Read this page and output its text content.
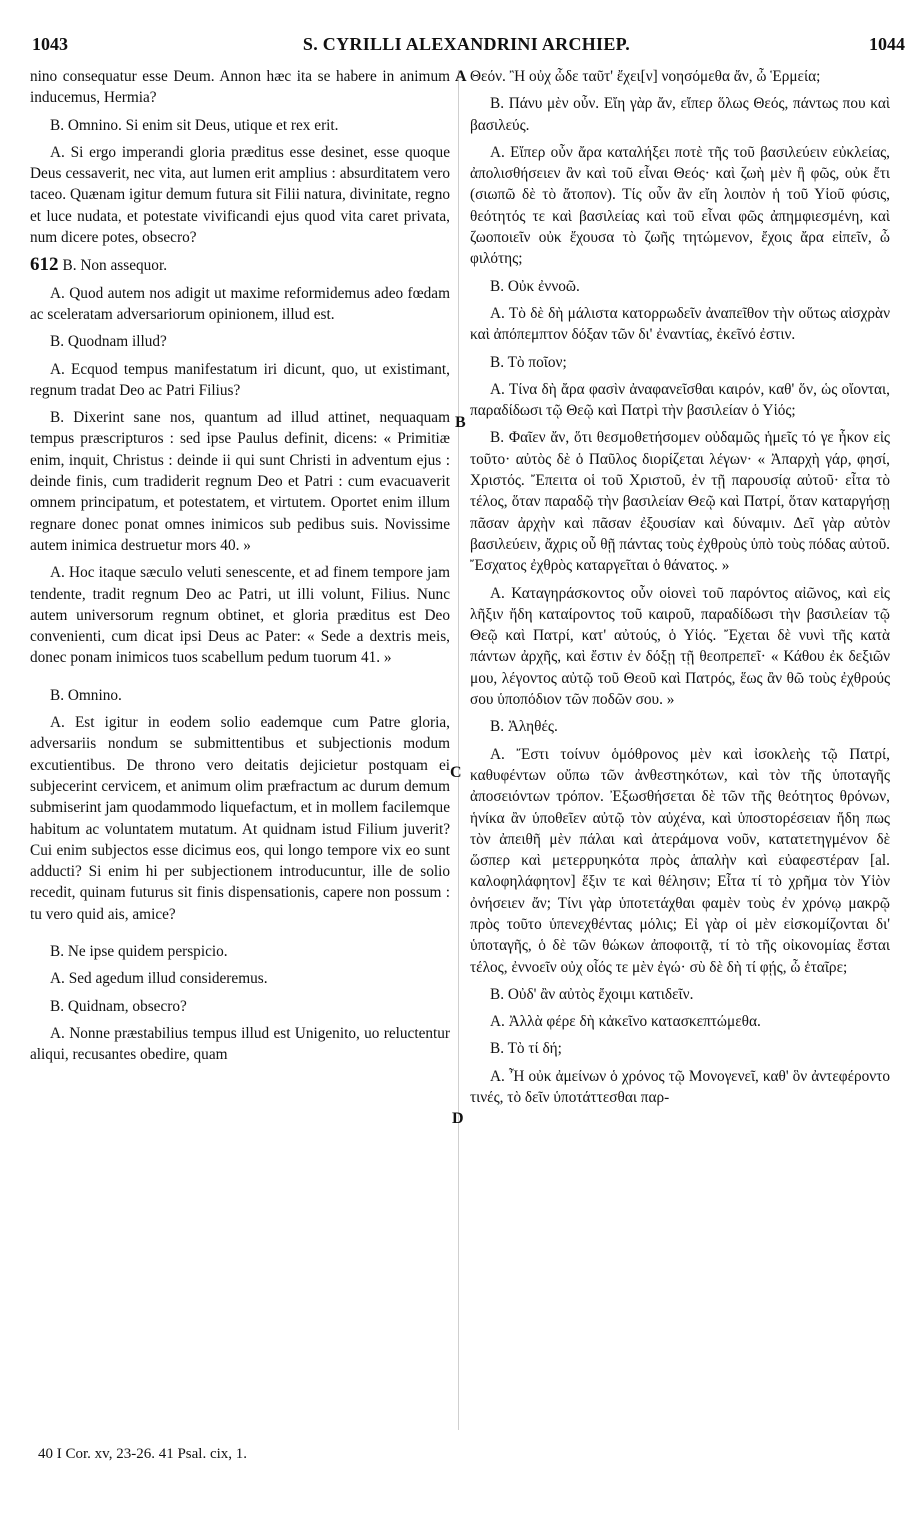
1043	S. CYRILLI ALEXANDRINI ARCHIEP.	1044
A
B
C
D

nino consequatur esse Deum. Annon hæc ita se habere in animum inducemus, Hermia?

B. Omnino. Si enim sit Deus, utique et rex erit.

A. Si ergo imperandi gloria præditus esse desinet, esse quoque Deus cessaverit, nec vita, aut lumen erit amplius : absurditatem vero taceo. Quænam igitur demum futura sit Filii natura, divinitate, regno et luce nudata, et potestate vivificandi ejus quod vita caret privata, num dicere potes, obsecro?

612 B. Non assequor.

A. Quod autem nos adigit ut maxime reformidemus adeo fœdam ac sceleratam adversariorum opinionem, illud est.

B. Quodnam illud?

A. Ecquod tempus manifestatum iri dicunt, quo, ut existimant, regnum tradat Deo ac Patri Filius?

B. Dixerint sane nos, quantum ad illud attinet, nequaquam tempus præscripturos : sed ipse Paulus definit, dicens: « Primitiæ enim, inquit, Christus : deinde ii qui sunt Christi in adventum ejus : deinde finis, cum tradiderit regnum Deo et Patri : cum evacuaverit omnem principatum, et potestatem, et virtutem. Oportet enim illum regnare donec ponat omnes inimicos sub pedibus suis. Novissime autem inimica destruetur mors 40. »

A. Hoc itaque sæculo veluti senescente, et ad finem tempore jam tendente, tradit regnum Deo ac Patri, ut illi volunt, Filius. Nunc autem universorum regnum obtinet, et gloria præditus est Deo convenienti, cum dicat ipsi Deus ac Pater: « Sede a dextris meis, donec ponam inimicos tuos scabellum pedum tuorum 41. »

B. Omnino.

A. Est igitur in eodem solio eademque cum Patre gloria, adversariis nondum se submittentibus et subjectionis modum excutientibus. De throno vero deitatis dejicietur postquam ei subjecerint cervicem, et animum olim præfractum ac durum demum submiserint jam quodammodo liquefactum, et in mollem facilemque habitum ac voluntatem mutatum. At quidnam istud Filium juverit? Cui enim subjectos esse dicimus eos, qui longo tempore vix eo sunt adducti? Si enim hi per subjectionem introducuntur, ille de solio recedit, quinam futurus sit finis dispensationis, capere non possum : tu vero quid ais, amice?

B. Ne ipse quidem perspicio.

A. Sed agedum illud consideremus.

B. Quidnam, obsecro?

A. Nonne præstabilius tempus illud est Unigenito, uo reluctentur aliqui, recusantes obedire, quam

Θεόν. Ἢ οὐχ ὧδε ταῦτ' ἔχει[ν] νοησόμεθα ἄν, ὦ Ἑρμεία;

Β. Πάνυ μὲν οὖν. Εἴη γὰρ ἄν, εἴπερ ὅλως Θεός, πάντως που καὶ βασιλεύς.

Α. Εἴπερ οὖν ἄρα καταλήξει ποτὲ τῆς τοῦ βασιλεύειν εὐκλείας, ἀπολισθήσειεν ἂν καὶ τοῦ εἶναι Θεός· καὶ ζωὴ μὲν ἢ φῶς, οὐκ ἔτι (σιωπῶ δὲ τὸ ἄτοπον). Τίς οὖν ἂν εἴη λοιπὸν ἡ τοῦ Υἱοῦ φύσις, θεότητός τε καὶ βασιλείας καὶ τοῦ εἶναι φῶς ἀπημφιεσμένη, καὶ ζωοποιεῖν οὐκ ἔχουσα τὸ ζωῆς τητώμενον, ἔχοις ἄρα εἰπεῖν, ὦ φιλότης;

Β. Οὐκ ἐννοῶ.

Α. Τὸ δὲ δὴ μάλιστα κατορρωδεῖν ἀναπεῖθον τὴν οὕτως αἰσχρὰν καὶ ἀπόπεμπτον δόξαν τῶν δι' ἐναντίας, ἐκεῖνό ἐστιν.

Β. Τὸ ποῖον;

Α. Τίνα δὴ ἄρα φασὶν ἀναφανεῖσθαι καιρόν, καθ' ὅν, ὡς οἴονται, παραδίδωσι τῷ Θεῷ καὶ Πατρὶ τὴν βασιλείαν ὁ Υἱός;

Β. Φαῖεν ἄν, ὅτι θεσμοθετήσομεν οὐδαμῶς ἡμεῖς τό γε ἧκον εἰς τοῦτο· αὐτὸς δὲ ὁ Παῦλος διορίζεται λέγων· « Ἀπαρχὴ γάρ, φησί, Χριστός. Ἔπειτα οἱ τοῦ Χριστοῦ, ἐν τῇ παρουσίᾳ αὐτοῦ· εἶτα τὸ τέλος, ὅταν παραδῷ τὴν βασιλείαν Θεῷ καὶ Πατρί, ὅταν καταργήσῃ πᾶσαν ἀρχὴν καὶ πᾶσαν ἐξουσίαν καὶ δύναμιν. Δεῖ γὰρ αὐτὸν βασιλεύειν, ἄχρις οὗ θῇ πάντας τοὺς ἐχθροὺς ὑπὸ τοὺς πόδας αὐτοῦ. Ἔσχατος ἐχθρὸς καταργεῖται ὁ θάνατος. »

Α. Καταγηράσκοντος οὖν οἱονεὶ τοῦ παρόντος αἰῶνος, καὶ εἰς λῆξιν ἤδη καταίροντος τοῦ καιροῦ, παραδίδωσι τὴν βασιλείαν τῷ Θεῷ καὶ Πατρί, κατ' αὐτούς, ὁ Υἱός. Ἔχεται δὲ νυνὶ τῆς κατὰ πάντων ἀρχῆς, καὶ ἔστιν ἐν δόξῃ τῇ θεοπρεπεῖ· « Κάθου ἐκ δεξιῶν μου, λέγοντος αὐτῷ τοῦ Θεοῦ καὶ Πατρός, ἕως ἂν θῶ τοὺς ἐχθρούς σου ὑποπόδιον τῶν ποδῶν σου. »

Β. Ἀληθές.

Α. Ἔστι τοίνυν ὁμόθρονος μὲν καὶ ἰσοκλεὴς τῷ Πατρί, καθυφέντων οὔπω τῶν ἀνθεστηκότων, καὶ τὸν τῆς ὑποταγῆς ἀποσειόντων τρόπον. Ἐξωσθήσεται δὲ τῶν τῆς θεότητος θρόνων, ἡνίκα ἂν ὑποθεῖεν αὐτῷ τὸν αὐχένα, καὶ ὑποστορέσειαν ἤδη πως τὸν ἀπειθῆ μὲν πάλαι καὶ ἀτεράμονα νοῦν, κατατετηγμένον δὲ ὥσπερ καὶ μετερρυηκότα πρὸς ἁπαλὴν καὶ εὐαφεστέραν [al. καλοφηλάφητον] ἕξιν τε καὶ θέλησιν; Εἶτα τί τὸ χρῆμα τὸν Υἱὸν ὀνήσειεν ἄν; Τίνι γὰρ ὑποτετάχθαι φαμὲν τοὺς ἐν χρόνῳ μακρῷ πρὸς τοῦτο ὑπενεχθέντας μόλις; Εἰ γὰρ οἱ μὲν εἰσκομίζονται δι' ὑποταγῆς, ὁ δὲ τῶν θώκων ἀποφοιτᾷ, τί τὸ τῆς οἰκονομίας ἔσται τέλος, ἐννοεῖν οὐχ οἷός τε μὲν ἐγώ· σὺ δὲ δὴ τί φῄς, ὦ ἑταῖρε;

Β. Οὐδ' ἂν αὐτὸς ἔχοιμι κατιδεῖν.

Α. Ἀλλὰ φέρε δὴ κἀκεῖνο κατασκεπτώμεθα.

Β. Τὸ τί δή;

Α. Ἦ οὐκ ἀμείνων ὁ χρόνος τῷ Μονογενεῖ, καθ' ὃν ἀντεφέροντο τινές, τὸ δεῖν ὑποτάττεσθαι παρ-

40 I Cor. xv, 23-26. 41 Psal. cix, 1.
